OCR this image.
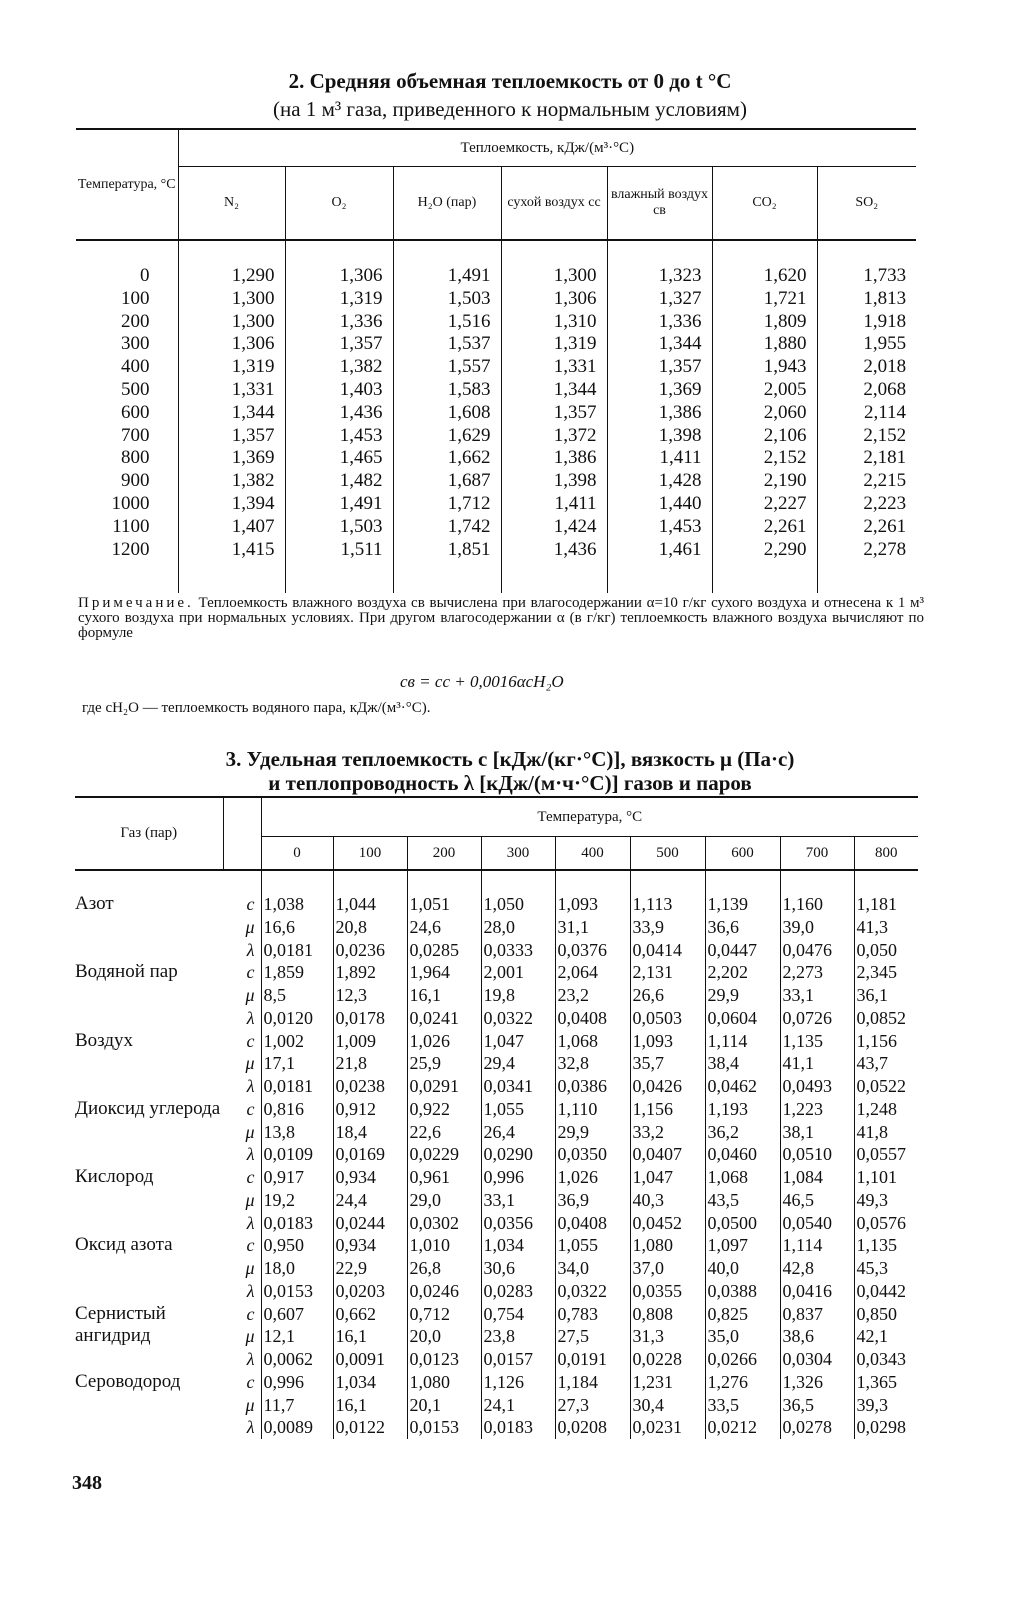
2. Средняя объемная теплоемкость от 0 до t °С
(на 1 м³ газа, приведенного к нормальным условиям)
Температура, °С	Теплоемкость, кДж/(м³·°С)						
	N₂	O₂	H₂O (пар)	сухой воздух сс	влажный воздух св	CO₂	SO₂
0	1,290	1,306	1,491	1,300	1,323	1,620	1,733
100	1,300	1,319	1,503	1,306	1,327	1,721	1,813
200	1,300	1,336	1,516	1,310	1,336	1,809	1,918
300	1,306	1,357	1,537	1,319	1,344	1,880	1,955
400	1,319	1,382	1,557	1,331	1,357	1,943	2,018
500	1,331	1,403	1,583	1,344	1,369	2,005	2,068
600	1,344	1,436	1,608	1,357	1,386	2,060	2,114
700	1,357	1,453	1,629	1,372	1,398	2,106	2,152
800	1,369	1,465	1,662	1,386	1,411	2,152	2,181
900	1,382	1,482	1,687	1,398	1,428	2,190	2,215
1000	1,394	1,491	1,712	1,411	1,440	2,227	2,223
1100	1,407	1,503	1,742	1,424	1,453	2,261	2,261
1200	1,415	1,511	1,851	1,436	1,461	2,290	2,278
Примечание. Теплоемкость влажного воздуха св вычислена при влагосодержании α=10 г/кг сухого воздуха и отнесена к 1 м³ сухого воздуха при нормальных условиях. При другом влагосодержании α (в г/кг) теплоемкость влажного воздуха вычисляют по формуле
св = сс + 0,0016αсH₂O
где сH₂O — теплоемкость водяного пара, кДж/(м³·°С).
3. Удельная теплоемкость c [кДж/(кг·°С)], вязкость μ (Па·с)
и теплопроводность λ [кДж/(м·ч·°С)] газов и паров
Газ (пар)		Температура, °С								
		0	100	200	300	400	500	600	700	800
Азот	c	1,038	1,044	1,051	1,050	1,093	1,113	1,139	1,160	1,181
	μ	16,6	20,8	24,6	28,0	31,1	33,9	36,6	39,0	41,3
	λ	0,0181	0,0236	0,0285	0,0333	0,0376	0,0414	0,0447	0,0476	0,050
Водяной пар	c	1,859	1,892	1,964	2,001	2,064	2,131	2,202	2,273	2,345
	μ	8,5	12,3	16,1	19,8	23,2	26,6	29,9	33,1	36,1
	λ	0,0120	0,0178	0,0241	0,0322	0,0408	0,0503	0,0604	0,0726	0,0852
Воздух	c	1,002	1,009	1,026	1,047	1,068	1,093	1,114	1,135	1,156
	μ	17,1	21,8	25,9	29,4	32,8	35,7	38,4	41,1	43,7
	λ	0,0181	0,0238	0,0291	0,0341	0,0386	0,0426	0,0462	0,0493	0,0522
Диоксид углерода	c	0,816	0,912	0,922	1,055	1,110	1,156	1,193	1,223	1,248
	μ	13,8	18,4	22,6	26,4	29,9	33,2	36,2	38,1	41,8
	λ	0,0109	0,0169	0,0229	0,0290	0,0350	0,0407	0,0460	0,0510	0,0557
Кислород	c	0,917	0,934	0,961	0,996	1,026	1,047	1,068	1,084	1,101
	μ	19,2	24,4	29,0	33,1	36,9	40,3	43,5	46,5	49,3
	λ	0,0183	0,0244	0,0302	0,0356	0,0408	0,0452	0,0500	0,0540	0,0576
Оксид азота	c	0,950	0,934	1,010	1,034	1,055	1,080	1,097	1,114	1,135
	μ	18,0	22,9	26,8	30,6	34,0	37,0	40,0	42,8	45,3
	λ	0,0153	0,0203	0,0246	0,0283	0,0322	0,0355	0,0388	0,0416	0,0442
Сернистый ангидрид	c	0,607	0,662	0,712	0,754	0,783	0,808	0,825	0,837	0,850
	μ	12,1	16,1	20,0	23,8	27,5	31,3	35,0	38,6	42,1
	λ	0,0062	0,0091	0,0123	0,0157	0,0191	0,0228	0,0266	0,0304	0,0343
Сероводород	c	0,996	1,034	1,080	1,126	1,184	1,231	1,276	1,326	1,365
	μ	11,7	16,1	20,1	24,1	27,3	30,4	33,5	36,5	39,3
	λ	0,0089	0,0122	0,0153	0,0183	0,0208	0,0231	0,0212	0,0278	0,0298
348
